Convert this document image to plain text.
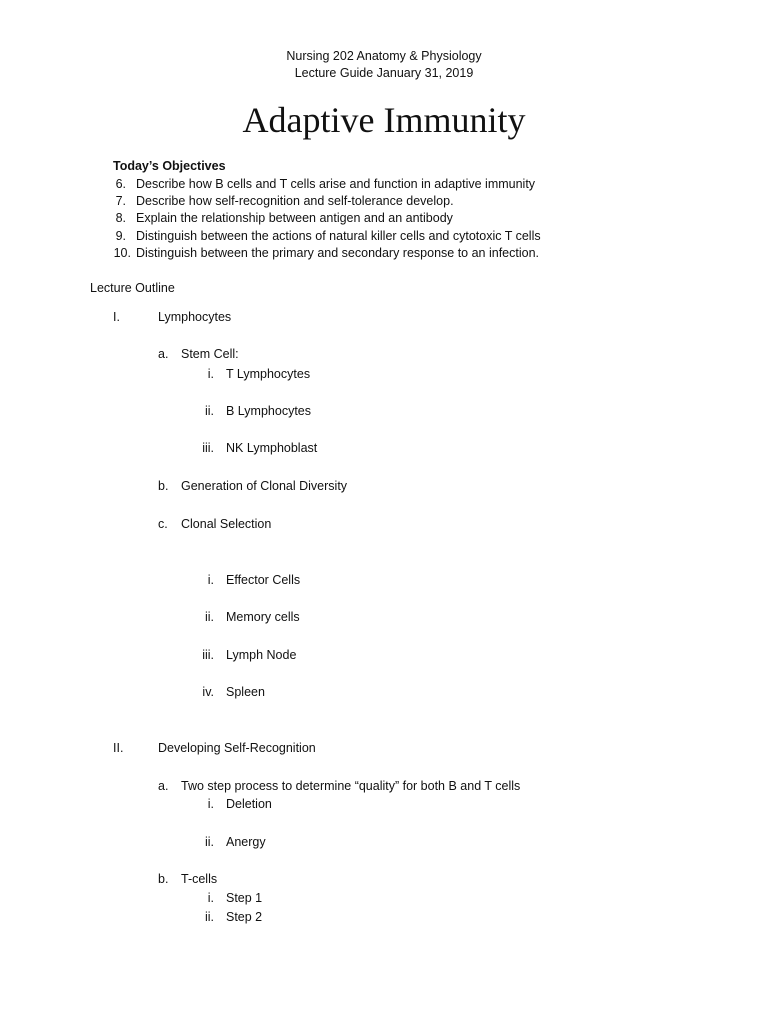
Nursing 202 Anatomy & Physiology
Lecture Guide January 31, 2019
Adaptive Immunity
Today’s Objectives
6. Describe how B cells and T cells arise and function in adaptive immunity
7. Describe how self-recognition and self-tolerance develop.
8. Explain the relationship between antigen and an antibody
9. Distinguish between the actions of natural killer cells and cytotoxic T cells
10. Distinguish between the primary and secondary response to an infection.
Lecture Outline
I.	Lymphocytes
a. Stem Cell:
i. T Lymphocytes
ii. B Lymphocytes
iii. NK Lymphoblast
b. Generation of Clonal Diversity
c. Clonal Selection
i. Effector Cells
ii. Memory cells
iii. Lymph Node
iv. Spleen
II.	Developing Self-Recognition
a. Two step process to determine “quality” for both B and T cells
i. Deletion
ii. Anergy
b. T-cells
i. Step 1
ii. Step 2
